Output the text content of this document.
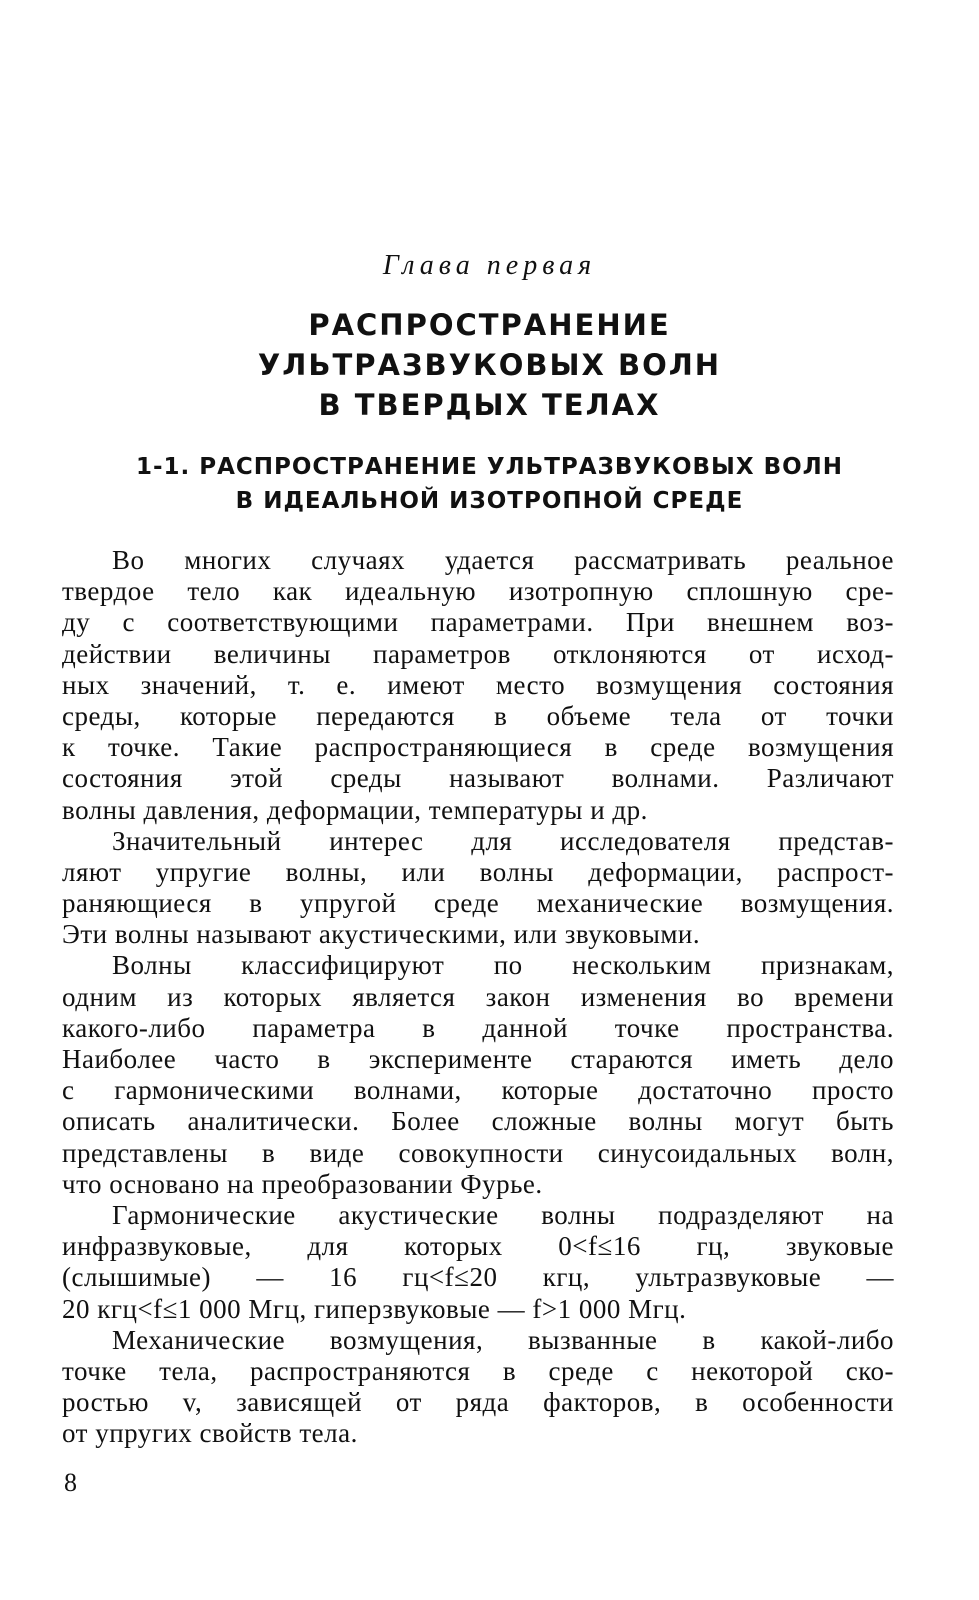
Глава первая
РАСПРОСТРАНЕНИЕ
УЛЬТРАЗВУКОВЫХ ВОЛН
В ТВЕРДЫХ ТЕЛАХ
1-1. РАСПРОСТРАНЕНИЕ УЛЬТРАЗВУКОВЫХ ВОЛН
В ИДЕАЛЬНОЙ ИЗОТРОПНОЙ СРЕДЕ
Во многих случаях удается рассматривать реальное
твердое тело как идеальную изотропную сплошную сре-
ду с соответствующими параметрами. При внешнем воз-
действии величины параметров отклоняются от исход-
ных значений, т. е. имеют место возмущения состояния
среды, которые передаются в объеме тела от точки
к точке. Такие распространяющиеся в среде возмущения
состояния этой среды называют волнами. Различают
волны давления, деформации, температуры и др.
Значительный интерес для исследователя представ-
ляют упругие волны, или волны деформации, распрост-
раняющиеся в упругой среде механические возмущения.
Эти волны называют акустическими, или звуковыми.
Волны классифицируют по нескольким признакам,
одним из которых является закон изменения во времени
какого-либо параметра в данной точке пространства.
Наиболее часто в эксперименте стараются иметь дело
с гармоническими волнами, которые достаточно просто
описать аналитически. Более сложные волны могут быть
представлены в виде совокупности синусоидальных волн,
что основано на преобразовании Фурье.
Гармонические акустические волны подразделяют на
инфразвуковые, для которых 0<f≤16 гц, звуковые
(слышимые) — 16 гц<f≤20 кгц, ультразвуковые —
20 кгц<f≤1 000 Мгц, гиперзвуковые — f>1 000 Мгц.
Механические возмущения, вызванные в какой-либо
точке тела, распространяются в среде с некоторой ско-
ростью v, зависящей от ряда факторов, в особенности
от упругих свойств тела.
8
